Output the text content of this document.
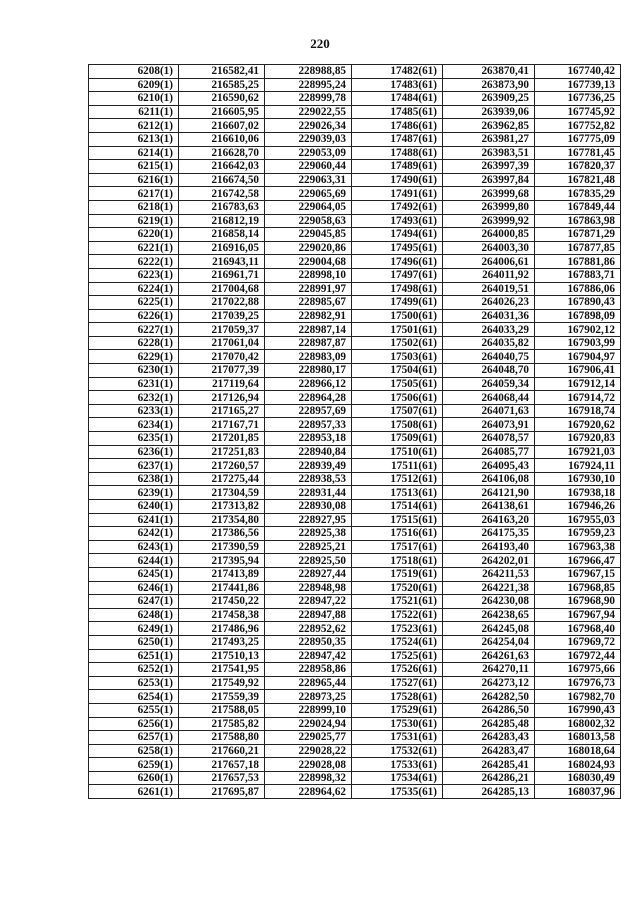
220
6208(1)	216582,41	228988,85	17482(61)	263870,41	167740,42
6209(1)	216585,25	228995,24	17483(61)	263873,90	167739,13
6210(1)	216590,62	228999,78	17484(61)	263909,25	167736,25
6211(1)	216605,95	229022,55	17485(61)	263939,06	167745,92
6212(1)	216607,02	229026,34	17486(61)	263962,85	167752,82
6213(1)	216610,06	229039,03	17487(61)	263981,27	167775,09
6214(1)	216628,70	229053,09	17488(61)	263983,51	167781,45
6215(1)	216642,03	229060,44	17489(61)	263997,39	167820,37
6216(1)	216674,50	229063,31	17490(61)	263997,84	167821,48
6217(1)	216742,58	229065,69	17491(61)	263999,68	167835,29
6218(1)	216783,63	229064,05	17492(61)	263999,80	167849,44
6219(1)	216812,19	229058,63	17493(61)	263999,92	167863,98
6220(1)	216858,14	229045,85	17494(61)	264000,85	167871,29
6221(1)	216916,05	229020,86	17495(61)	264003,30	167877,85
6222(1)	216943,11	229004,68	17496(61)	264006,61	167881,86
6223(1)	216961,71	228998,10	17497(61)	264011,92	167883,71
6224(1)	217004,68	228991,97	17498(61)	264019,51	167886,06
6225(1)	217022,88	228985,67	17499(61)	264026,23	167890,43
6226(1)	217039,25	228982,91	17500(61)	264031,36	167898,09
6227(1)	217059,37	228987,14	17501(61)	264033,29	167902,12
6228(1)	217061,04	228987,87	17502(61)	264035,82	167903,99
6229(1)	217070,42	228983,09	17503(61)	264040,75	167904,97
6230(1)	217077,39	228980,17	17504(61)	264048,70	167906,41
6231(1)	217119,64	228966,12	17505(61)	264059,34	167912,14
6232(1)	217126,94	228964,28	17506(61)	264068,44	167914,72
6233(1)	217165,27	228957,69	17507(61)	264071,63	167918,74
6234(1)	217167,71	228957,33	17508(61)	264073,91	167920,62
6235(1)	217201,85	228953,18	17509(61)	264078,57	167920,83
6236(1)	217251,83	228940,84	17510(61)	264085,77	167921,03
6237(1)	217260,57	228939,49	17511(61)	264095,43	167924,11
6238(1)	217275,44	228938,53	17512(61)	264106,08	167930,10
6239(1)	217304,59	228931,44	17513(61)	264121,90	167938,18
6240(1)	217313,82	228930,08	17514(61)	264138,61	167946,26
6241(1)	217354,80	228927,95	17515(61)	264163,20	167955,03
6242(1)	217386,56	228925,38	17516(61)	264175,35	167959,23
6243(1)	217390,59	228925,21	17517(61)	264193,40	167963,38
6244(1)	217395,94	228925,50	17518(61)	264202,01	167966,47
6245(1)	217413,89	228927,44	17519(61)	264211,53	167967,15
6246(1)	217441,86	228948,98	17520(61)	264221,38	167968,85
6247(1)	217450,22	228947,22	17521(61)	264230,08	167968,90
6248(1)	217458,38	228947,88	17522(61)	264238,65	167967,94
6249(1)	217486,96	228952,62	17523(61)	264245,08	167968,40
6250(1)	217493,25	228950,35	17524(61)	264254,04	167969,72
6251(1)	217510,13	228947,42	17525(61)	264261,63	167972,44
6252(1)	217541,95	228958,86	17526(61)	264270,11	167975,66
6253(1)	217549,92	228965,44	17527(61)	264273,12	167976,73
6254(1)	217559,39	228973,25	17528(61)	264282,50	167982,70
6255(1)	217588,05	228999,10	17529(61)	264286,50	167990,43
6256(1)	217585,82	229024,94	17530(61)	264285,48	168002,32
6257(1)	217588,80	229025,77	17531(61)	264283,43	168013,58
6258(1)	217660,21	229028,22	17532(61)	264283,47	168018,64
6259(1)	217657,18	229028,08	17533(61)	264285,41	168024,93
6260(1)	217657,53	228998,32	17534(61)	264286,21	168030,49
6261(1)	217695,87	228964,62	17535(61)	264285,13	168037,96
